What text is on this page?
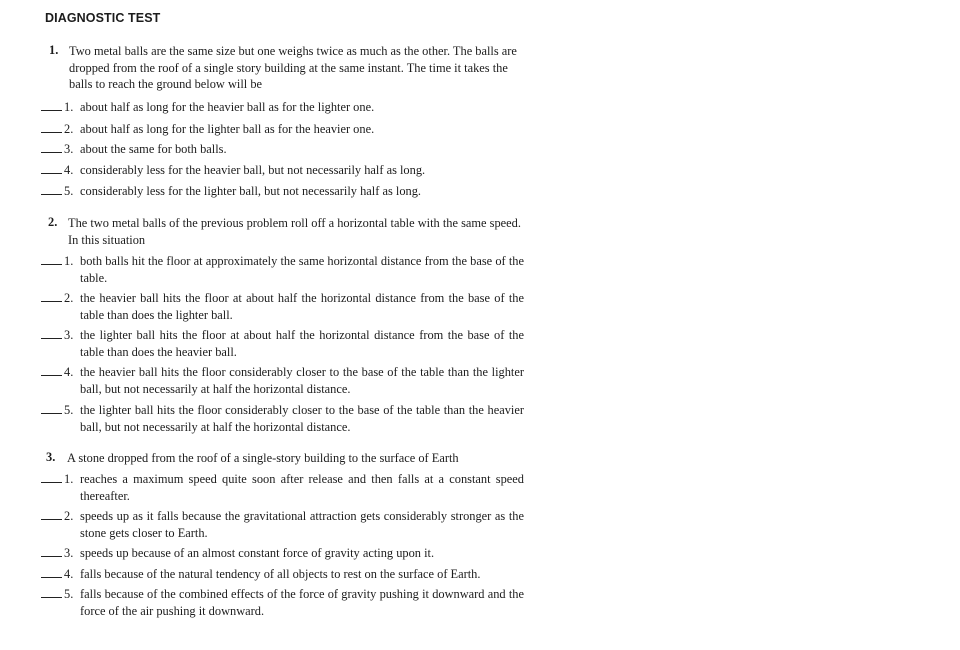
DIAGNOSTIC TEST
1. Two metal balls are the same size but one weighs twice as much as the other. The balls are dropped from the roof of a single story building at the same instant. The time it takes the balls to reach the ground below will be
1. about half as long for the heavier ball as for the lighter one.
2. about half as long for the lighter ball as for the heavier one.
3. about the same for both balls.
4. considerably less for the heavier ball, but not necessarily half as long.
5. considerably less for the lighter ball, but not necessarily half as long.
2. The two metal balls of the previous problem roll off a horizontal table with the same speed. In this situation
1. both balls hit the floor at approximately the same horizontal distance from the base of the table.
2. the heavier ball hits the floor at about half the horizontal distance from the base of the table than does the lighter ball.
3. the lighter ball hits the floor at about half the horizontal distance from the base of the table than does the heavier ball.
4. the heavier ball hits the floor considerably closer to the base of the table than the lighter ball, but not necessarily at half the horizontal distance.
5. the lighter ball hits the floor considerably closer to the base of the table than the heavier ball, but not necessarily at half the horizontal distance.
3. A stone dropped from the roof of a single-story building to the surface of Earth
1. reaches a maximum speed quite soon after release and then falls at a constant speed thereafter.
2. speeds up as it falls because the gravitational attraction gets considerably stronger as the stone gets closer to Earth.
3. speeds up because of an almost constant force of gravity acting upon it.
4. falls because of the natural tendency of all objects to rest on the surface of Earth.
5. falls because of the combined effects of the force of gravity pushing it downward and the force of the air pushing it downward.
